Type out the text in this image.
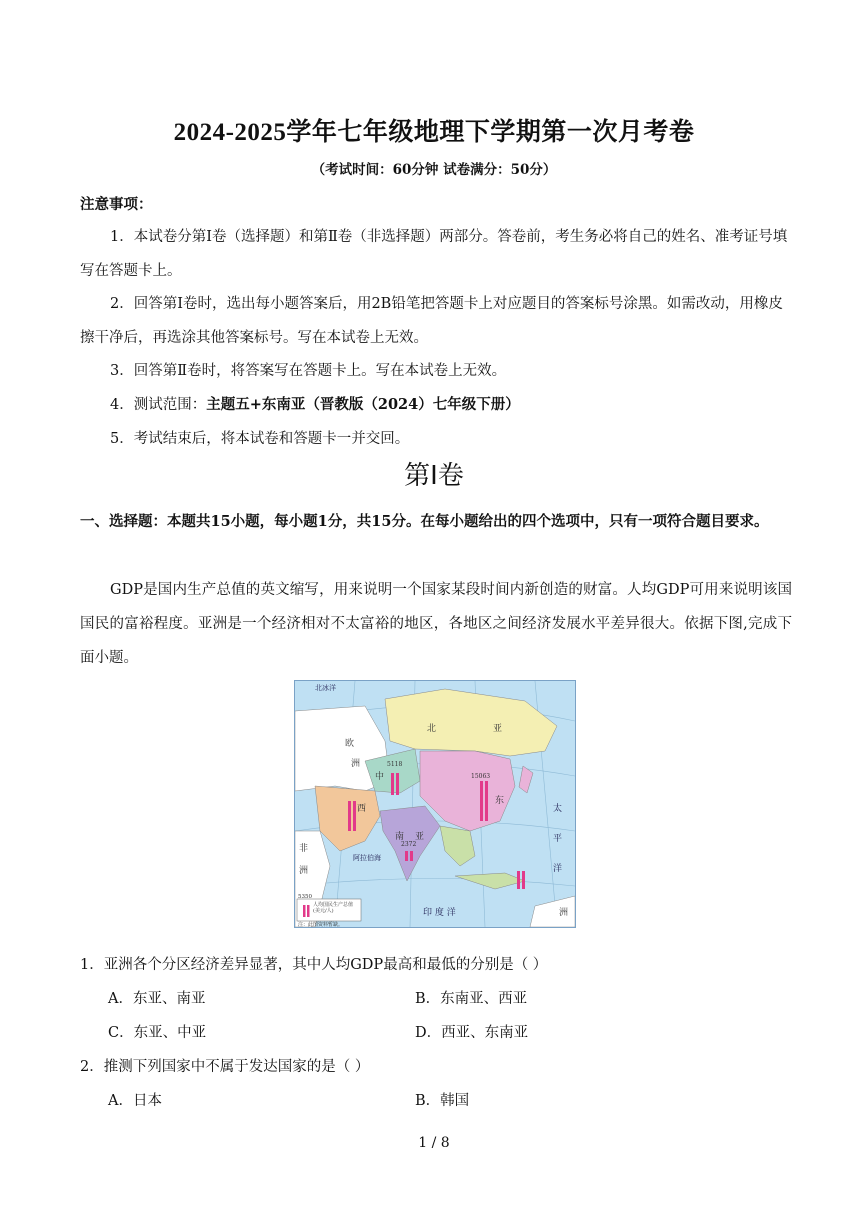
2024-2025学年七年级地理下学期第一次月考卷
（考试时间：60分钟 试卷满分：50分）
注意事项：
1．本试卷分第Ⅰ卷（选择题）和第Ⅱ卷（非选择题）两部分。答卷前，考生务必将自己的姓名、准考证号填写在答题卡上。
2．回答第Ⅰ卷时，选出每小题答案后，用2B铅笔把答题卡上对应题目的答案标号涂黑。如需改动，用橡皮擦干净后，再选涂其他答案标号。写在本试卷上无效。
3．回答第Ⅱ卷时，将答案写在答题卡上。写在本试卷上无效。
4．测试范围：主题五+东南亚（晋教版（2024）七年级下册）
5．考试结束后，将本试卷和答题卡一并交回。
第Ⅰ卷
一、选择题：本题共15小题，每小题1分，共15分。在每小题给出的四个选项中，只有一项符合题目要求。
GDP是国内生产总值的英文缩写，用来说明一个国家某段时间内新创造的财富。人均GDP可用来说明该国国民的富裕程度。亚洲是一个经济相对不太富裕的地区，各地区之间经济发展水平差异很大。依据下图,完成下面小题。
北冰洋
北	亚
欧
洲
中
5118
东
15063
西
南 亚
2372
阿拉伯海
印 度 洋
太
平
洋
非
洲
洲
5350
人均国民生产总值(美元/人)
注：此图资料暂缺。
1．亚洲各个分区经济差异显著，其中人均GDP最高和最低的分别是（ ）
A．东亚、南亚	B．东南亚、西亚
C．东亚、中亚	D．西亚、东南亚
2．推测下列国家中不属于发达国家的是（ ）
A．日本	B．韩国
1 / 8
